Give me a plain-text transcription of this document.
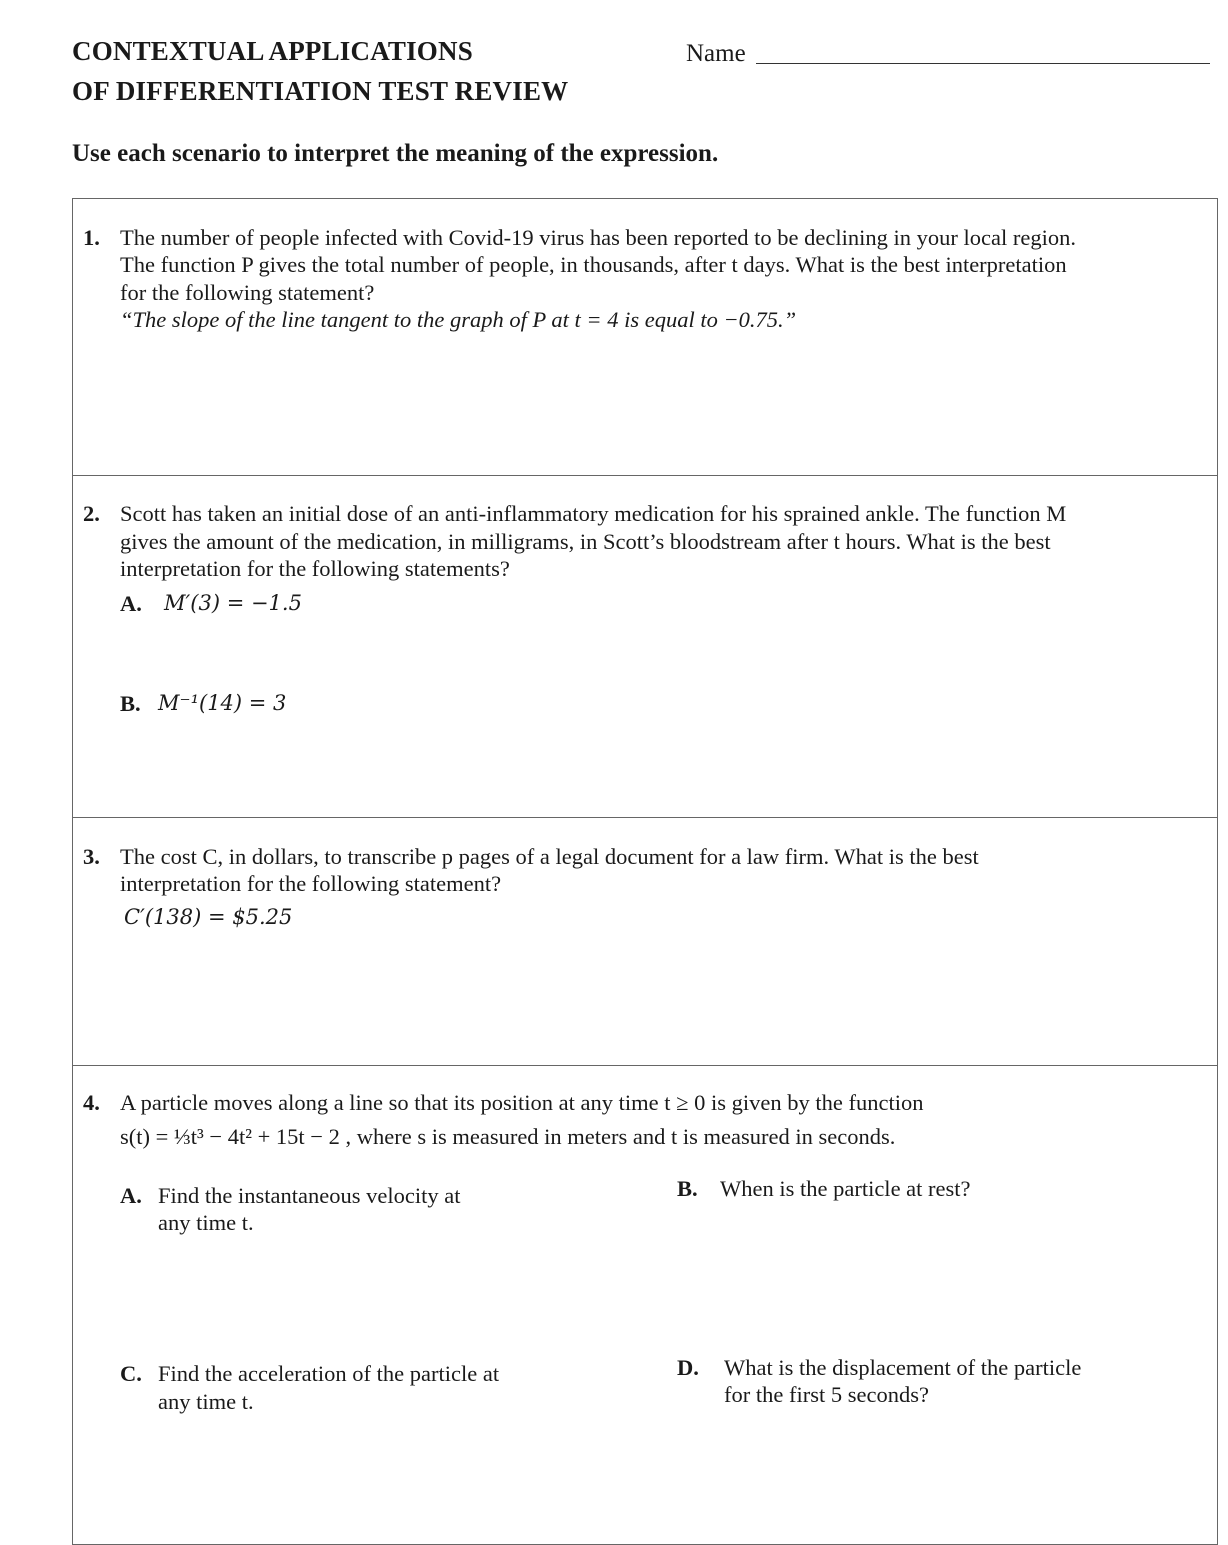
CONTEXTUAL APPLICATIONS
OF DIFFERENTIATION TEST REVIEW
Name
Use each scenario to interpret the meaning of the expression.
1. The number of people infected with Covid-19 virus has been reported to be declining in your local region.
The function P gives the total number of people, in thousands, after t days. What is the best interpretation
for the following statement?
“The slope of the line tangent to the graph of P at t = 4 is equal to −0.75.”
2. Scott has taken an initial dose of an anti-inflammatory medication for his sprained ankle. The function M
gives the amount of the medication, in milligrams, in Scott’s bloodstream after t hours. What is the best
interpretation for the following statements?
A. M′(3) = −1.5
B. M⁻¹(14) = 3
3. The cost C, in dollars, to transcribe p pages of a legal document for a law firm. What is the best
interpretation for the following statement?
C′(138) = $5.25
4. A particle moves along a line so that its position at any time t ≥ 0 is given by the function
s(t) = ⅓t³ − 4t² + 15t − 2 , where s is measured in meters and t is measured in seconds.
A. Find the instantaneous velocity at
any time t.
B. When is the particle at rest?
C. Find the acceleration of the particle at
any time t.
D. What is the displacement of the particle
for the first 5 seconds?
